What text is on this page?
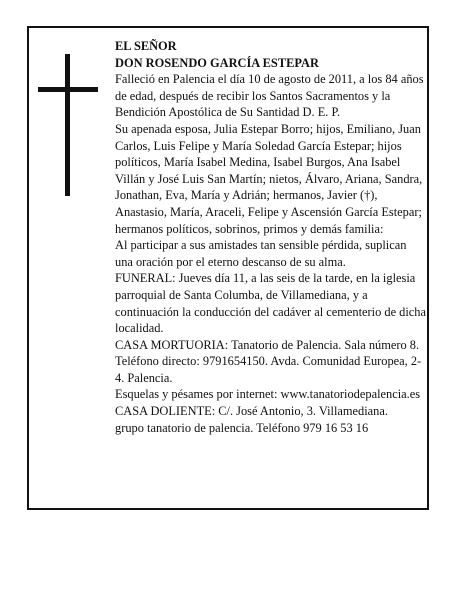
EL SEÑOR

DON ROSENDO GARCÍA ESTEPAR

Falleció en Palencia el día 10 de agosto de 2011, a los 84 años de edad, después de recibir los Santos Sacramentos y la Bendición Apostólica de Su Santidad D. E. P.

Su apenada esposa, Julia Estepar Borro; hijos, Emiliano, Juan Carlos, Luis Felipe y María Soledad García Estepar; hijos políticos, María Isabel Medina, Isabel Burgos, Ana Isabel Villán y José Luis San Martín; nietos, Álvaro, Ariana, Sandra, Jonathan, Eva, María y Adrián; hermanos, Javier (†), Anastasio, María, Araceli, Felipe y Ascensión García Estepar; hermanos políticos, sobrinos, primos y demás familia:

Al participar a sus amistades tan sensible pérdida, suplican una oración por el eterno descanso de su alma.

FUNERAL: Jueves día 11, a las seis de la tarde, en la iglesia parroquial de Santa Columba, de Villamediana, y a continuación la conducción del cadáver al cementerio de dicha localidad.

CASA MORTUORIA: Tanatorio de Palencia. Sala número 8. Teléfono directo: 9791654150. Avda. Comunidad Europea, 2-4. Palencia.

Esquelas y pésames por internet: www.tanatoriodepalencia.es

CASA DOLIENTE: C/. José Antonio, 3. Villamediana.

grupo tanatorio de palencia. Teléfono 979 16 53 16
